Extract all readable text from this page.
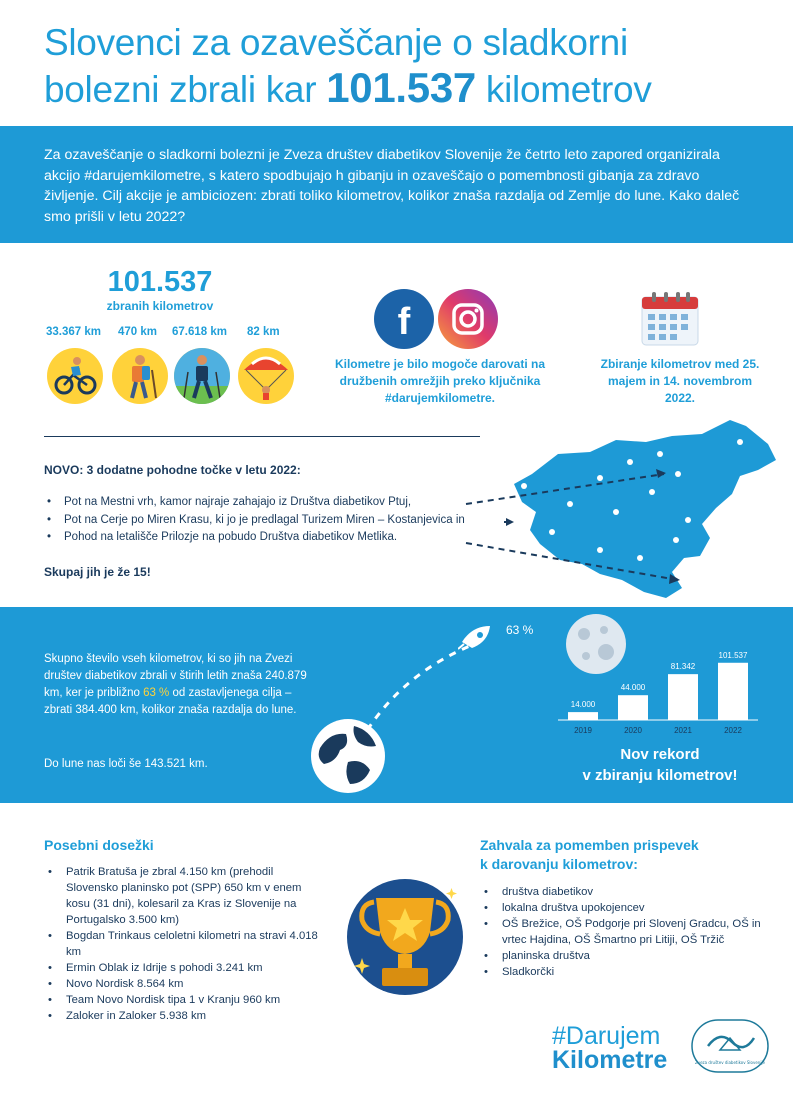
Slovenci za ozaveščanje o sladkorni
bolezni zbrali kar 101.537 kilometrov

Za ozaveščanje o sladkorni bolezni je Zveza društev diabetikov Slovenije že četrto leto zapored organizirala akcijo #darujemkilometre, s katero spodbujajo h gibanju in ozaveščajo o pomembnosti gibanja za zdravo življenje. Cilj akcije je ambiciozen: zbrati toliko kilometrov, kolikor znaša razdalja od Zemlje do lune. Kako daleč smo prišli v letu 2022?

101.537
zbranih kilometrov
33.367 km 470 km 67.618 km 82 km	f
Kilometre je bilo mogoče darovati na družbenih omrežjih preko ključnika #darujemkilometre.
Zbiranje kilometrov med 25. majem in 14. novembrom 2022.
NOVO: 3 dodatne pohodne točke v letu 2022:
• Pot na Mestni vrh, kamor najraje zahajajo iz Društva diabetikov Ptuj,
• Pot na Cerje po Miren Krasu, ki jo je predlagal Turizem Miren – Kostanjevica in
• Pohod na letališče Prilozje na pobudo Društva diabetikov Metlika.
Skupaj jih je že 15!

Skupno število vseh kilometrov, ki so jih na Zvezi društev diabetikov zbrali v štirih letih znaša 240.879 km, ker je približno 63 % od zastavljenega cilja – zbrati 384.400 km, kolikor znaša razdalja do lune.

Do lune nas loči še 143.521 km.
63 %
14.000
2019
44.000
2020
81.342
2021
101.537
2022
Nov rekord
v zbiranju kilometrov!
Posebni dosežki
• Patrik Bratuša je zbral 4.150 km (prehodil Slovensko planinsko pot (SPP) 650 km v enem kosu (31 dni), kolesaril za Kras iz Slovenije na Portugalsko 3.500 km)
• Bogdan Trinkaus celoletni kilometri na stravi 4.018 km
• Ermin Oblak iz Idrije s pohodi 3.241 km
• Novo Nordisk 8.564 km
• Team Novo Nordisk tipa 1 v Kranju 960 km
• Zaloker in Zaloker 5.938 km
Zahvala za pomemben prispevek
k darovanju kilometrov:
• društva diabetikov
• lokalna društva upokojencev
• OŠ Brežice, OŠ Podgorje pri Slovenj Gradcu, OŠ in vrtec Hajdina, OŠ Šmartno pri Litiji, OŠ Tržič
• planinska društva
• Sladkorčki
#Darujem
Kilometre	Zveza društev diabetikov Slovenije
